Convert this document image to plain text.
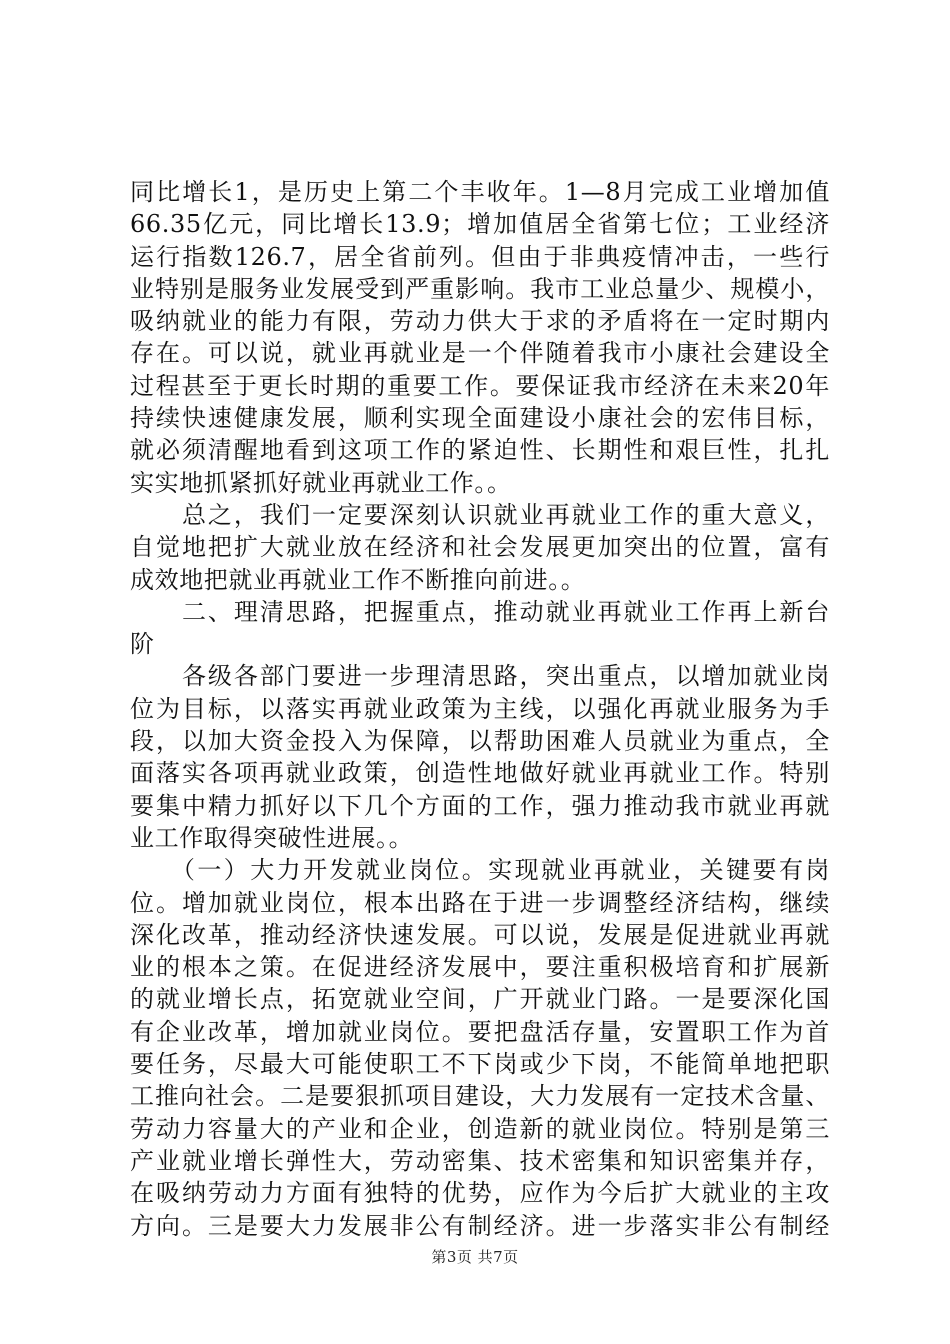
同比增长1，是历史上第二个丰收年。1—8月完成工业增加值
66.35亿元，同比增长13.9；增加值居全省第七位；工业经济
运行指数126.7，居全省前列。但由于非典疫情冲击，一些行
业特别是服务业发展受到严重影响。我市工业总量少、规模小，
吸纳就业的能力有限，劳动力供大于求的矛盾将在一定时期内
存在。可以说，就业再就业是一个伴随着我市小康社会建设全
过程甚至于更长时期的重要工作。要保证我市经济在未来20年
持续快速健康发展，顺利实现全面建设小康社会的宏伟目标，
就必须清醒地看到这项工作的紧迫性、长期性和艰巨性，扎扎
实实地抓紧抓好就业再就业工作。。
　　总之，我们一定要深刻认识就业再就业工作的重大意义，
自觉地把扩大就业放在经济和社会发展更加突出的位置，富有
成效地把就业再就业工作不断推向前进。。
　　二、理清思路，把握重点，推动就业再就业工作再上新台
阶
　　各级各部门要进一步理清思路，突出重点，以增加就业岗
位为目标，以落实再就业政策为主线，以强化再就业服务为手
段，以加大资金投入为保障，以帮助困难人员就业为重点，全
面落实各项再就业政策，创造性地做好就业再就业工作。特别
要集中精力抓好以下几个方面的工作，强力推动我市就业再就
业工作取得突破性进展。。
　　（一）大力开发就业岗位。实现就业再就业，关键要有岗
位。增加就业岗位，根本出路在于进一步调整经济结构，继续
深化改革，推动经济快速发展。可以说，发展是促进就业再就
业的根本之策。在促进经济发展中，要注重积极培育和扩展新
的就业增长点，拓宽就业空间，广开就业门路。一是要深化国
有企业改革，增加就业岗位。要把盘活存量，安置职工作为首
要任务，尽最大可能使职工不下岗或少下岗，不能简单地把职
工推向社会。二是要狠抓项目建设，大力发展有一定技术含量、
劳动力容量大的产业和企业，创造新的就业岗位。特别是第三
产业就业增长弹性大，劳动密集、技术密集和知识密集并存，
在吸纳劳动力方面有独特的优势，应作为今后扩大就业的主攻
方向。三是要大力发展非公有制经济。进一步落实非公有制经
第3页 共7页
